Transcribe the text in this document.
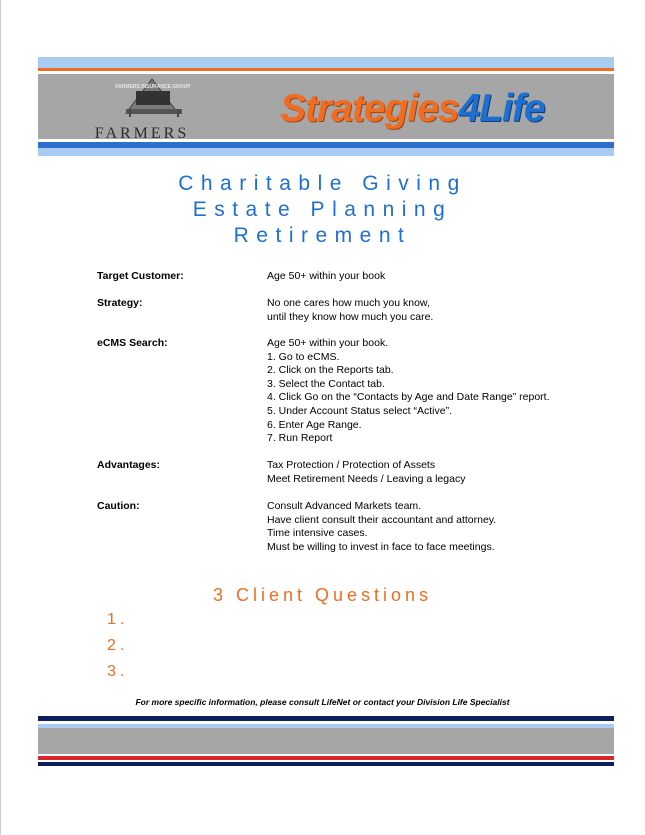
FARMERS INSURANCE GROUP
FARMERS
Strategies4Life
Charitable Giving
Estate Planning
Retirement
Target Customer:	Age 50+ within your book
Strategy:	No one cares how much you know,
until they know how much you care.
eCMS Search:	Age 50+ within your book.
1. Go to eCMS.
2. Click on the Reports tab.
3. Select the Contact tab.
4. Click Go on the “Contacts by Age and Date Range” report.
5. Under Account Status select “Active”.
6. Enter Age Range.
7. Run Report
Advantages:	Tax Protection / Protection of Assets
Meet Retirement Needs / Leaving a legacy
Caution:	Consult Advanced Markets team.
Have client consult their accountant and attorney.
Time intensive cases.
Must be willing to invest in face to face meetings.
3 Client Questions
1.
2.
3.
For more specific information, please consult LifeNet or contact your Division Life Specialist
